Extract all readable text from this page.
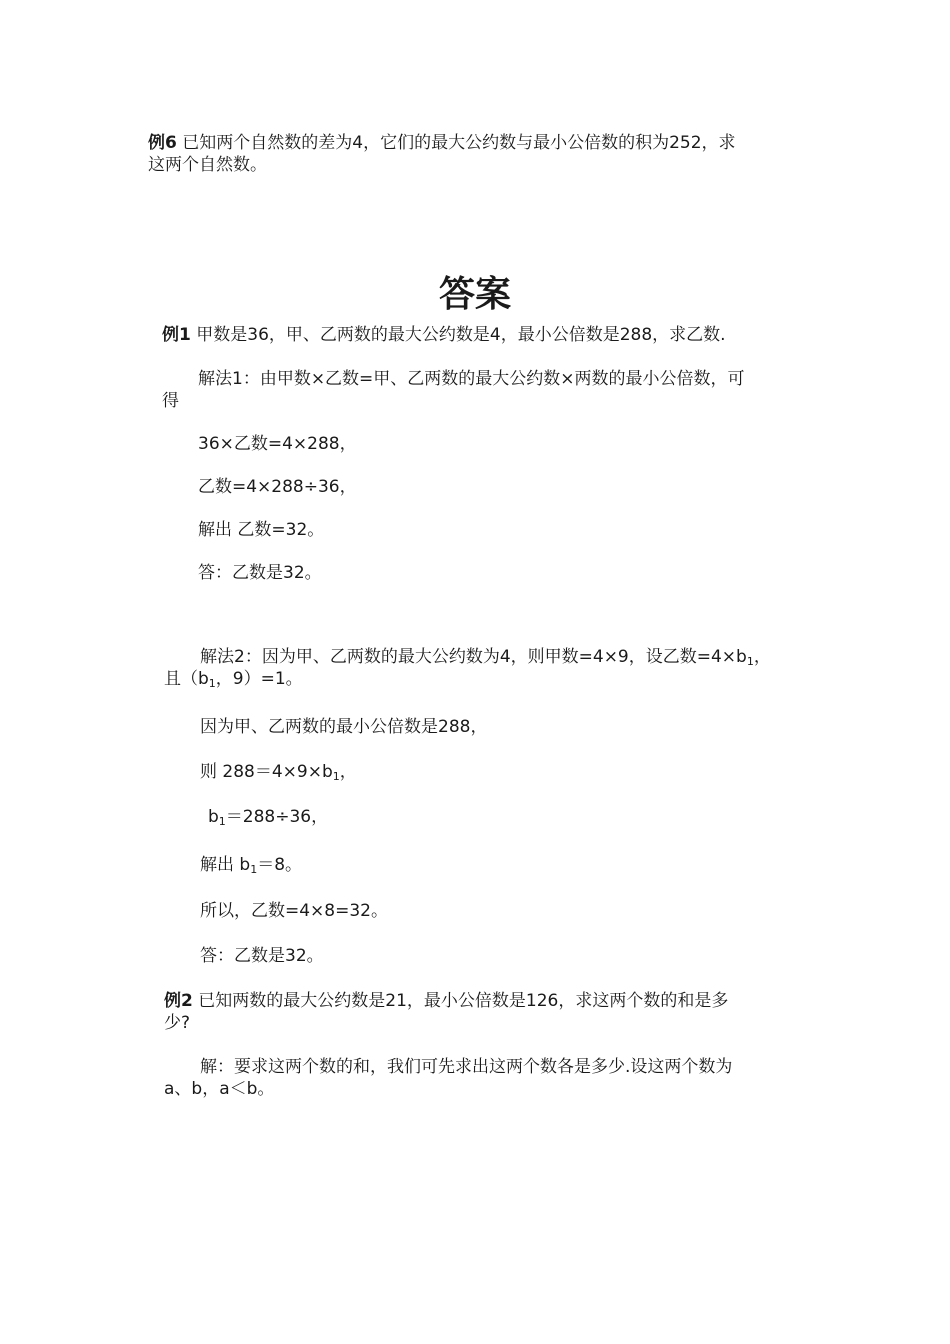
例6 已知两个自然数的差为4，它们的最大公约数与最小公倍数的积为252，求
这两个自然数。
答案
例1 甲数是36，甲、乙两数的最大公约数是4，最小公倍数是288，求乙数.
解法1：由甲数×乙数=甲、乙两数的最大公约数×两数的最小公倍数，可
得
36×乙数=4×288，
乙数=4×288÷36，
解出 乙数=32。
答：乙数是32。
解法2：因为甲、乙两数的最大公约数为4，则甲数=4×9，设乙数$=4\times b_1$，
且（$b_1$，9）=1。
因为甲、乙两数的最小公倍数是288，
则 $288=4\times 9\times b_1$，
$b_1=288\div 36$，
解出 $b_1=8$。
所以，乙数=4×8=32。
答：乙数是32。
例2 已知两数的最大公约数是21，最小公倍数是126，求这两个数的和是多
少?
解：要求这两个数的和，我们可先求出这两个数各是多少.设这两个数为
a、b，a＜b。
